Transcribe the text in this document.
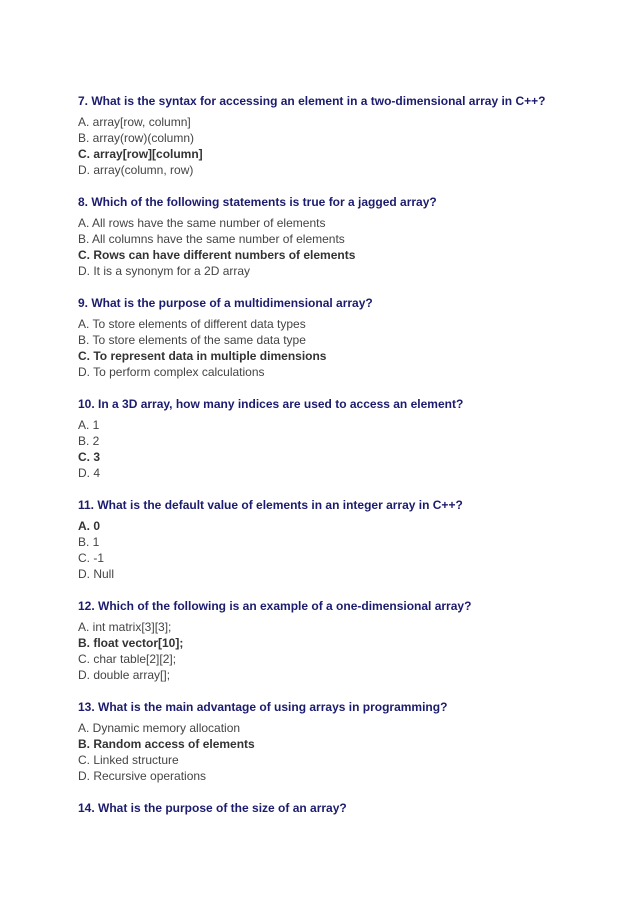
7. What is the syntax for accessing an element in a two-dimensional array in C++?
A. array[row, column]
B. array(row)(column)
C. array[row][column]
D. array(column, row)
8. Which of the following statements is true for a jagged array?
A. All rows have the same number of elements
B. All columns have the same number of elements
C. Rows can have different numbers of elements
D. It is a synonym for a 2D array
9. What is the purpose of a multidimensional array?
A. To store elements of different data types
B. To store elements of the same data type
C. To represent data in multiple dimensions
D. To perform complex calculations
10. In a 3D array, how many indices are used to access an element?
A. 1
B. 2
C. 3
D. 4
11. What is the default value of elements in an integer array in C++?
A. 0
B. 1
C. -1
D. Null
12. Which of the following is an example of a one-dimensional array?
A. int matrix[3][3];
B. float vector[10];
C. char table[2][2];
D. double array[];
13. What is the main advantage of using arrays in programming?
A. Dynamic memory allocation
B. Random access of elements
C. Linked structure
D. Recursive operations
14. What is the purpose of the size of an array?
